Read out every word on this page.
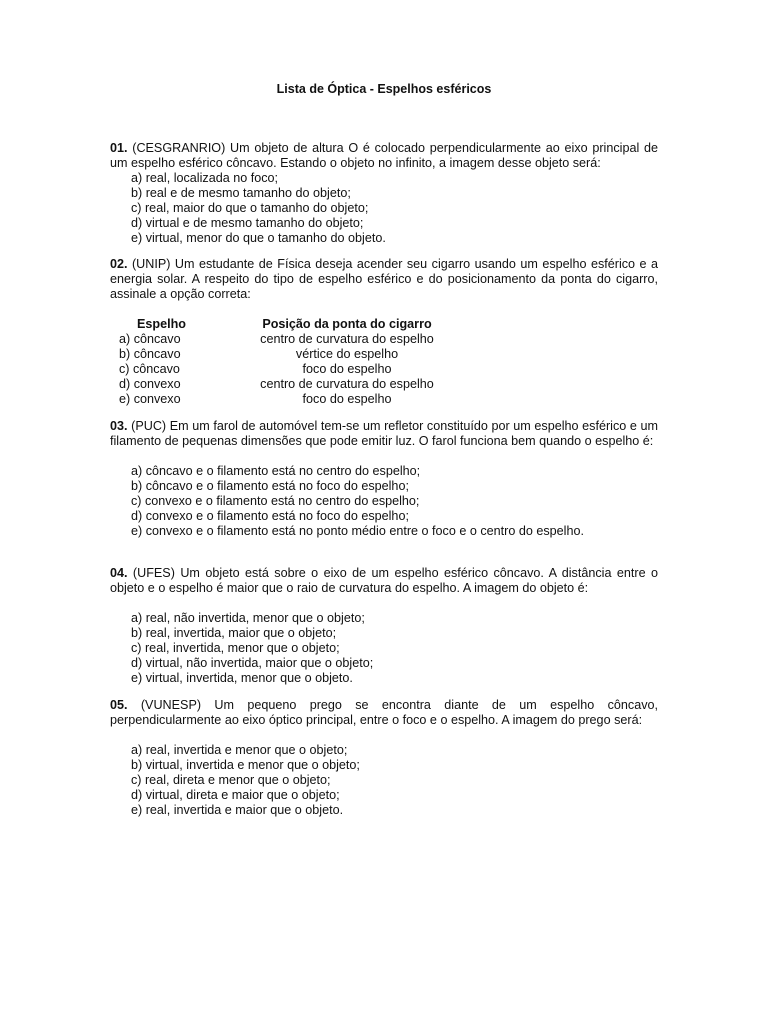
Lista de Óptica - Espelhos esféricos
01. (CESGRANRIO) Um objeto de altura O é colocado perpendicularmente ao eixo principal de um espelho esférico côncavo. Estando o objeto no infinito, a imagem desse objeto será:
a) real, localizada no foco;
b) real e de mesmo tamanho do objeto;
c) real, maior do que o tamanho do objeto;
d) virtual e de mesmo tamanho do objeto;
e) virtual, menor do que o tamanho do objeto.
02. (UNIP) Um estudante de Física deseja acender seu cigarro usando um espelho esférico e a energia solar. A respeito do tipo de espelho esférico e do posicionamento da ponta do cigarro, assinale a opção correta:
Espelho	Posição da ponta do cigarro
a) côncavo	centro de curvatura do espelho
b) côncavo	vértice do espelho
c) côncavo	foco do espelho
d) convexo	centro de curvatura do espelho
e) convexo	foco do espelho
03. (PUC) Em um farol de automóvel tem-se um refletor constituído por um espelho esférico e um filamento de pequenas dimensões que pode emitir luz. O farol funciona bem quando o espelho é:
a) côncavo e o filamento está no centro do espelho;
b) côncavo e o filamento está no foco do espelho;
c) convexo e o filamento está no centro do espelho;
d) convexo e o filamento está no foco do espelho;
e) convexo e o filamento está no ponto médio entre o foco e o centro do espelho.
04. (UFES) Um objeto está sobre o eixo de um espelho esférico côncavo. A distância entre o objeto e o espelho é maior que o raio de curvatura do espelho. A imagem do objeto é:
a) real, não invertida, menor que o objeto;
b) real, invertida, maior que o objeto;
c) real, invertida, menor que o objeto;
d) virtual, não invertida, maior que o objeto;
e) virtual, invertida, menor que o objeto.
05. (VUNESP) Um pequeno prego se encontra diante de um espelho côncavo, perpendicularmente ao eixo óptico principal, entre o foco e o espelho. A imagem do prego será:
a) real, invertida e menor que o objeto;
b) virtual, invertida e menor que o objeto;
c) real, direta e menor que o objeto;
d) virtual, direta e maior que o objeto;
e) real, invertida e maior que o objeto.
